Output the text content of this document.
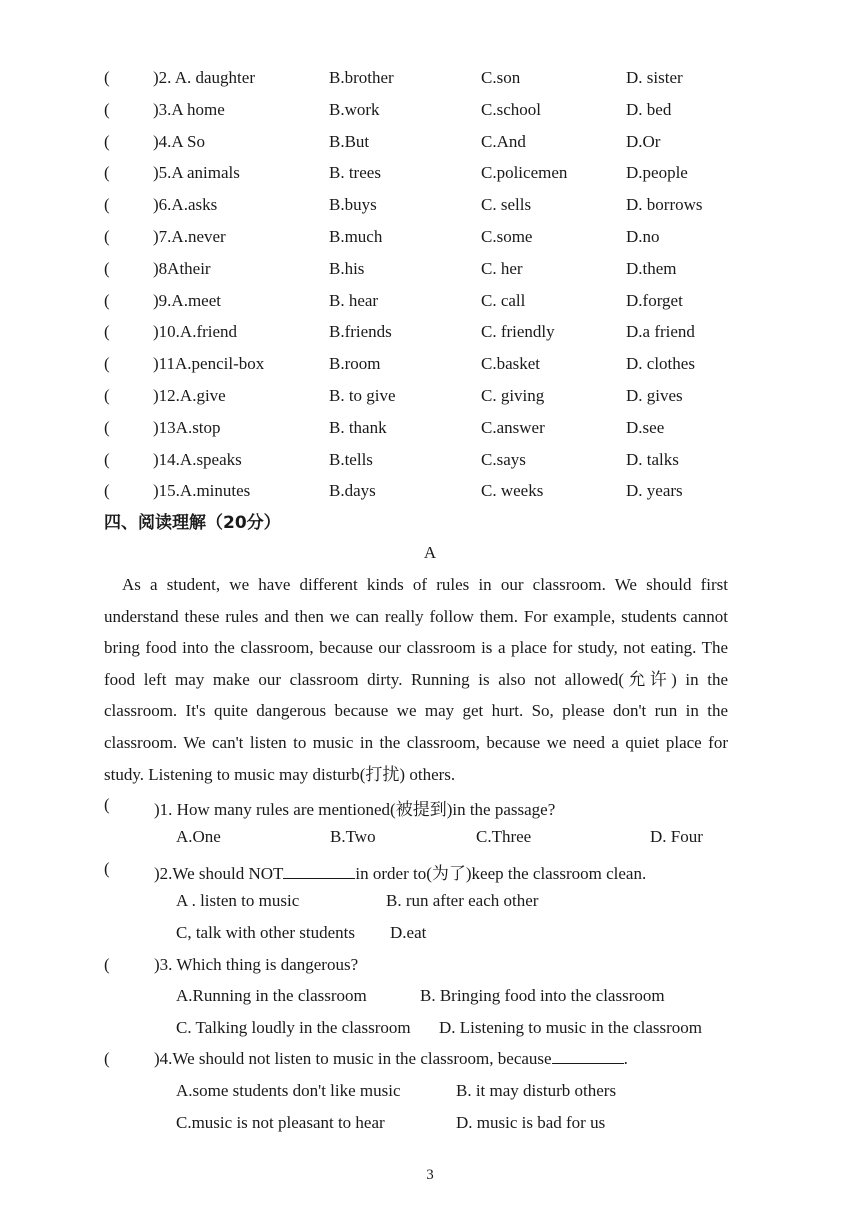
(	)2. A. daughter	B.brother	C.son	D. sister
(	)3.A home	B.work	C.school	D. bed
(	)4.A So	B.But	C.And	D.Or
(	)5.A animals	B. trees	C.policemen	D.people
(	)6.A.asks	B.buys	C. sells	D. borrows
(	)7.A.never	B.much	C.some	D.no
(	)8Atheir	B.his	C. her	D.them
(	)9.A.meet	B. hear	C. call	D.forget
(	)10.A.friend	B.friends	C. friendly	D.a friend
(	)11A.pencil-box	B.room	C.basket	D. clothes
(	)12.A.give	B. to give	C. giving	D. gives
(	)13A.stop	B. thank	C.answer	D.see
(	)14.A.speaks	B.tells	C.says	D. talks
(	)15.A.minutes	B.days	C. weeks	D. years
四、阅读理解（20分）
A
As a student, we have different kinds of rules in our classroom. We should first understand these rules and then we can really follow them. For example, students cannot bring food into the classroom, because our classroom is a place for study, not eating. The food left may make our classroom dirty. Running is also not allowed(允许) in the classroom. It's quite dangerous because we may get hurt. So, please don't run in the classroom. We can't listen to music in the classroom, because we need a quiet place for study. Listening to music may disturb(打扰) others.
(	)1. How many rules are mentioned(被提到)in the passage?
A.One	B.Two	C.Three	D. Four
(	)2.We should NOT	in order to(为了)keep the classroom clean.
A . listen to music	B. run after each other
C, talk with other students D.eat
(	)3. Which thing is dangerous?
A.Running in the classroom	B. Bringing food into the classroom
C. Talking loudly in the classroom D. Listening to music in the classroom
(	)4.We should not listen to music in the classroom, because	.
A.some students don't like music	B. it may disturb others
C.music is not pleasant to hear	D. music is bad for us
3
